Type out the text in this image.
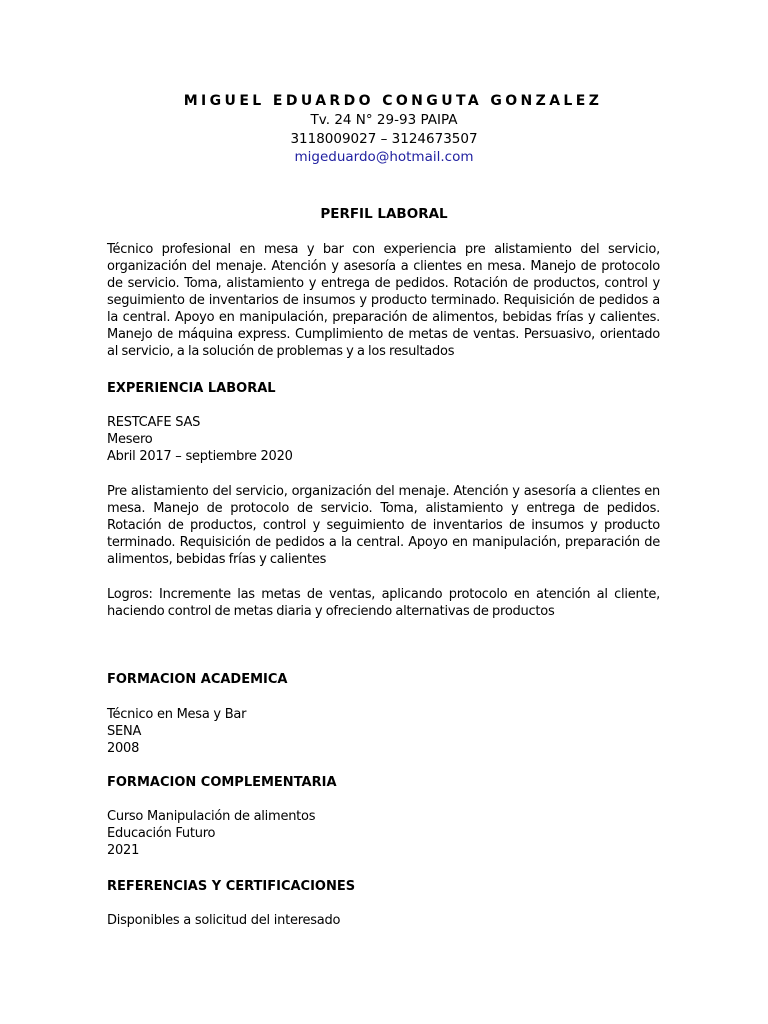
MIGUEL EDUARDO CONGUTA GONZALEZ
Tv. 24 N° 29-93 PAIPA
3118009027 – 3124673507
migeduardo@hotmail.com
PERFIL LABORAL
Técnico profesional en mesa y bar con experiencia pre alistamiento del servicio, organización del menaje. Atención y asesoría a clientes en mesa. Manejo de protocolo de servicio. Toma, alistamiento y entrega de pedidos. Rotación de productos, control y seguimiento de inventarios de insumos y producto terminado. Requisición de pedidos a la central. Apoyo en manipulación, preparación de alimentos, bebidas frías y calientes. Manejo de máquina express. Cumplimiento de metas de ventas. Persuasivo, orientado al servicio, a la solución de problemas y a los resultados
EXPERIENCIA LABORAL
RESTCAFE SAS
Mesero
Abril 2017 – septiembre 2020
Pre alistamiento del servicio, organización del menaje. Atención y asesoría a clientes en mesa. Manejo de protocolo de servicio. Toma, alistamiento y entrega de pedidos. Rotación de productos, control y seguimiento de inventarios de insumos y producto terminado. Requisición de pedidos a la central. Apoyo en manipulación, preparación de alimentos, bebidas frías y calientes
Logros: Incremente las metas de ventas, aplicando protocolo en atención al cliente, haciendo control de metas diaria y ofreciendo alternativas de productos
FORMACION ACADEMICA
Técnico en Mesa y Bar
SENA
2008
FORMACION COMPLEMENTARIA
Curso Manipulación de alimentos
Educación Futuro
2021
REFERENCIAS Y CERTIFICACIONES
Disponibles a solicitud del interesado
